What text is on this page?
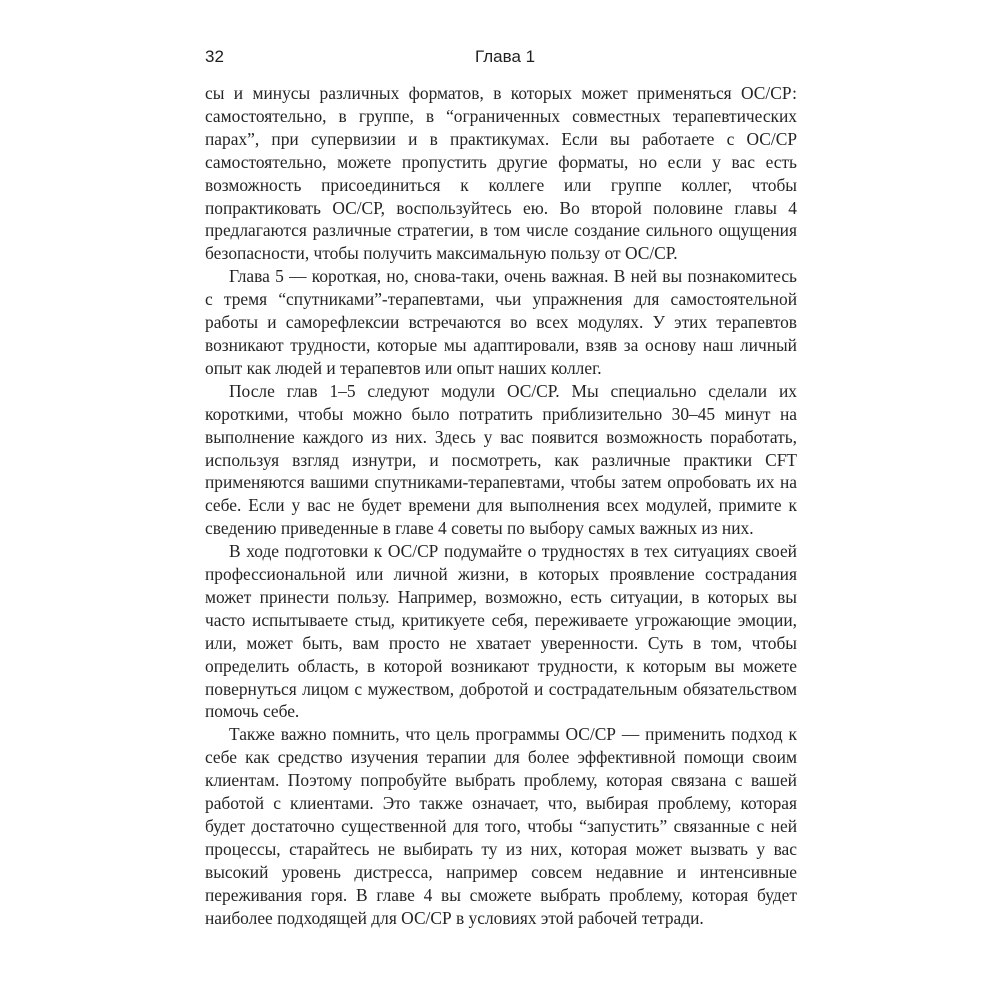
32	Глава 1

сы и минусы различных форматов, в которых может применяться ОС/СР: самостоятельно, в группе, в “ограниченных совместных терапевтических парах”, при супервизии и в практикумах. Если вы работаете с ОС/СР самостоятельно, можете пропустить другие форматы, но если у вас есть возможность присоединиться к коллеге или группе коллег, чтобы попрактиковать ОС/СР, воспользуйтесь ею. Во второй половине главы 4 предлагаются различные стратегии, в том числе создание сильного ощущения безопасности, чтобы получить максимальную пользу от ОС/СР.

Глава 5 — короткая, но, снова-таки, очень важная. В ней вы познакомитесь с тремя “спутниками”-терапевтами, чьи упражнения для самостоятельной работы и саморефлексии встречаются во всех модулях. У этих терапевтов возникают трудности, которые мы адаптировали, взяв за основу наш личный опыт как людей и терапевтов или опыт наших коллег.

После глав 1–5 следуют модули ОС/СР. Мы специально сделали их короткими, чтобы можно было потратить приблизительно 30–45 минут на выполнение каждого из них. Здесь у вас появится возможность поработать, используя взгляд изнутри, и посмотреть, как различные практики CFT применяются вашими спутниками-терапевтами, чтобы затем опробовать их на себе. Если у вас не будет времени для выполнения всех модулей, примите к сведению приведенные в главе 4 советы по выбору самых важных из них.

В ходе подготовки к ОС/СР подумайте о трудностях в тех ситуациях своей профессиональной или личной жизни, в которых проявление сострадания может принести пользу. Например, возможно, есть ситуации, в которых вы часто испытываете стыд, критикуете себя, переживаете угрожающие эмоции, или, может быть, вам просто не хватает уверенности. Суть в том, чтобы определить область, в которой возникают трудности, к которым вы можете повернуться лицом с мужеством, добротой и сострадательным обязательством помочь себе.

Также важно помнить, что цель программы ОС/СР — применить подход к себе как средство изучения терапии для более эффективной помощи своим клиентам. Поэтому попробуйте выбрать проблему, которая связана с вашей работой с клиентами. Это также означает, что, выбирая проблему, которая будет достаточно существенной для того, чтобы “запустить” связанные с ней процессы, старайтесь не выбирать ту из них, которая может вызвать у вас высокий уровень дистресса, например совсем недавние и интенсивные переживания горя. В главе 4 вы сможете выбрать проблему, которая будет наиболее подходящей для ОС/СР в условиях этой рабочей тетради.
